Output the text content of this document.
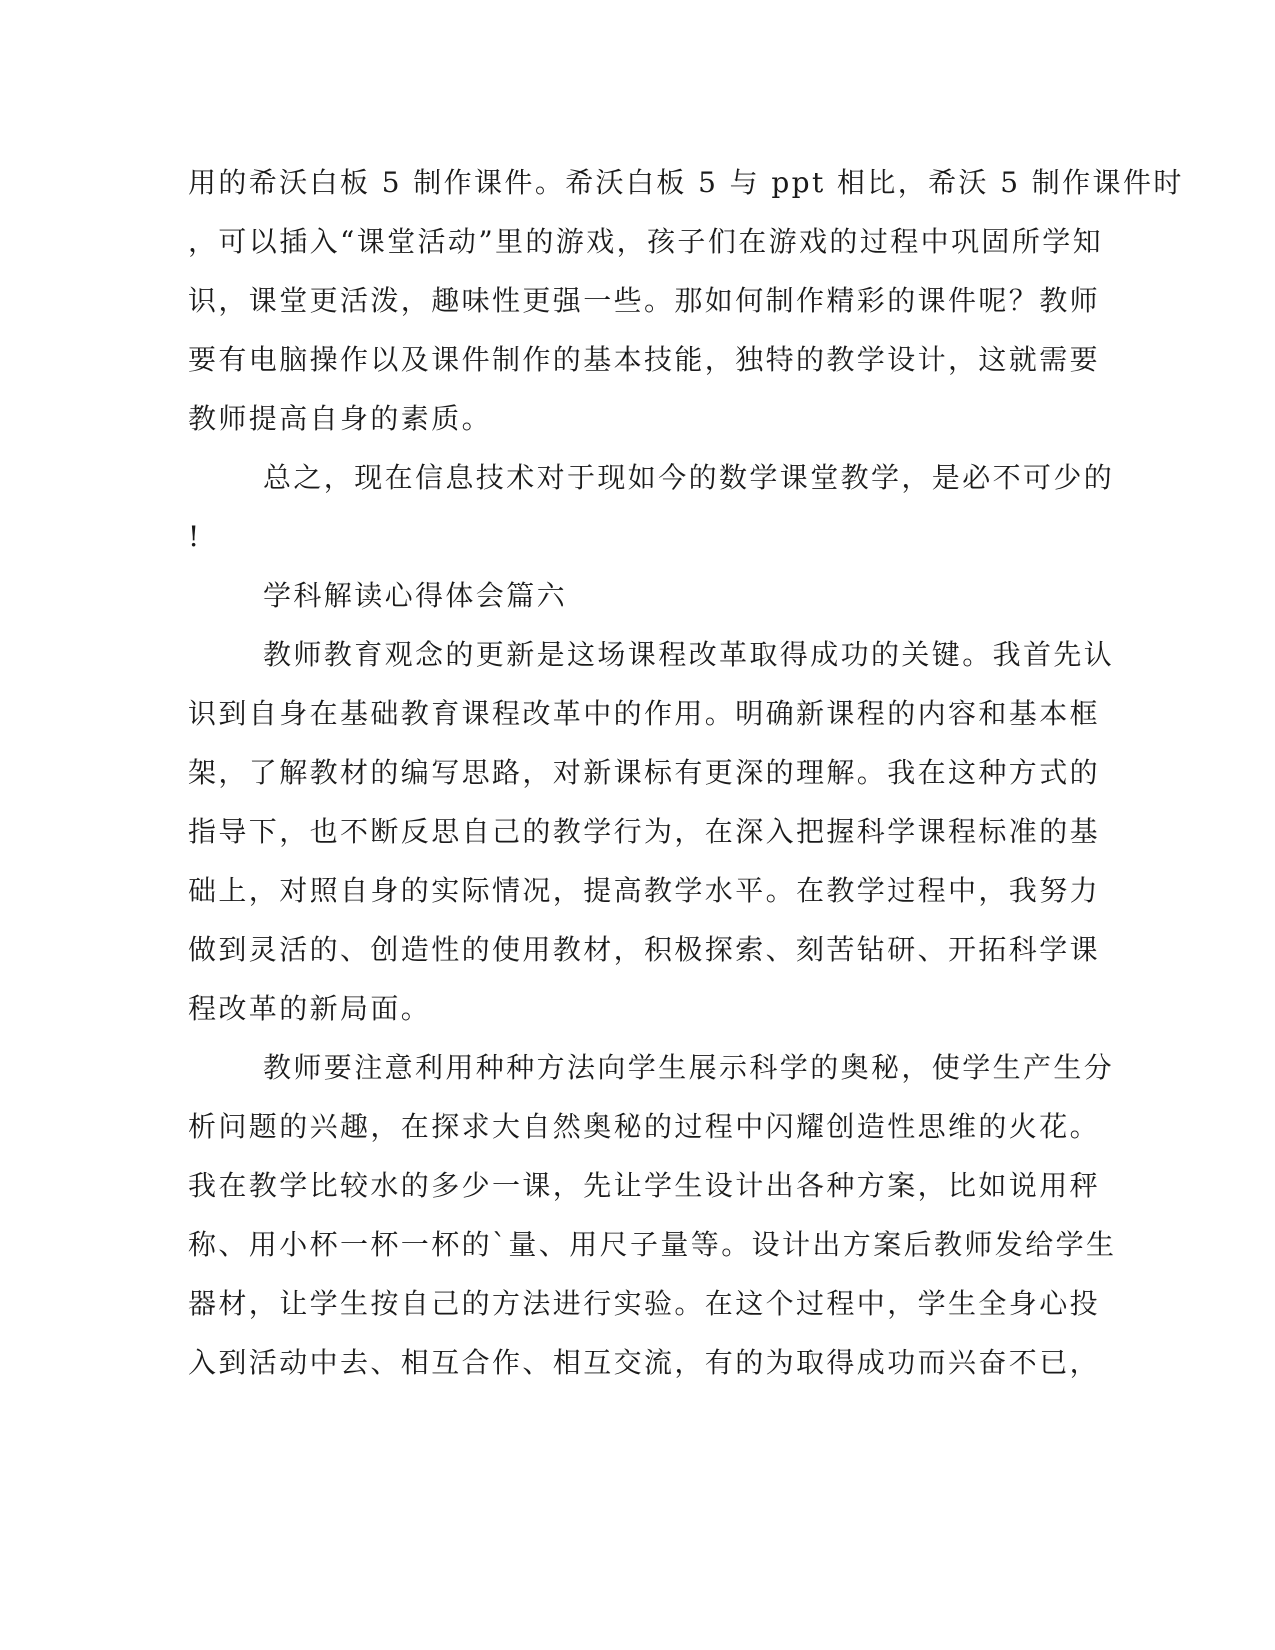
用的希沃白板 5 制作课件。希沃白板 5 与 ppt 相比，希沃 5 制作课件时

，可以插入“课堂活动”里的游戏，孩子们在游戏的过程中巩固所学知

识，课堂更活泼，趣味性更强一些。那如何制作精彩的课件呢？教师

要有电脑操作以及课件制作的基本技能，独特的教学设计，这就需要

教师提高自身的素质。

总之，现在信息技术对于现如今的数学课堂教学，是必不可少的

!

学科解读心得体会篇六

教师教育观念的更新是这场课程改革取得成功的关键。我首先认

识到自身在基础教育课程改革中的作用。明确新课程的内容和基本框

架，了解教材的编写思路，对新课标有更深的理解。我在这种方式的

指导下，也不断反思自己的教学行为，在深入把握科学课程标准的基

础上，对照自身的实际情况，提高教学水平。在教学过程中，我努力

做到灵活的、创造性的使用教材，积极探索、刻苦钻研、开拓科学课

程改革的新局面。

教师要注意利用种种方法向学生展示科学的奥秘，使学生产生分

析问题的兴趣，在探求大自然奥秘的过程中闪耀创造性思维的火花。

我在教学比较水的多少一课，先让学生设计出各种方案，比如说用秤

称、用小杯一杯一杯的`量、用尺子量等。设计出方案后教师发给学生

器材，让学生按自己的方法进行实验。在这个过程中，学生全身心投

入到活动中去、相互合作、相互交流，有的为取得成功而兴奋不已，
